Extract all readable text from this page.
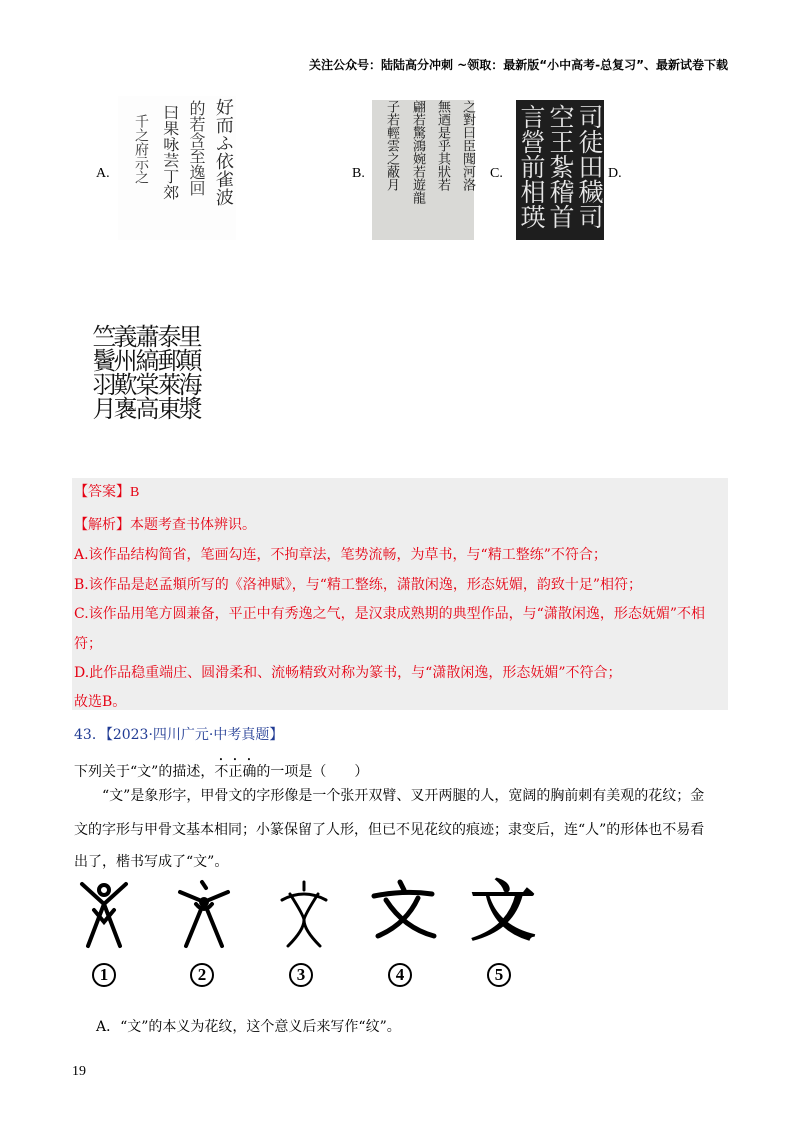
关注公众号：陆陆高分冲刺 ~领取：最新版“小中高考-总复习”、最新试卷下载
A.	好而ふ依雀波
的若含至逸回
曰果咏芸丁郊
千之府示之	B.	之對曰臣聞河洛
無迺是乎其狀若
翩若驚鴻婉若遊龍
子若輕雲之蔽月	C.	司徒田穢司
空王紮稽首
言營前相瑛	D.
里顛海漿
泰郵萊東
蕭縞棠高
義州歎褢
竺鬢羽月
【答案】B
【解析】本题考查书体辨识。
A.该作品结构简省，笔画勾连，不拘章法，笔势流畅，为草书，与“精工整练”不符合；
B.该作品是赵孟頫所写的《洛神赋》，与“精工整练，潇散闲逸，形态妩媚，韵致十足”相符；
C.该作品用笔方圆兼备，平正中有秀逸之气，是汉隶成熟期的典型作品，与“潇散闲逸，形态妩媚”不相
符；
D.此作品稳重端庄、圆滑柔和、流畅精致对称为篆书，与“潇散闲逸，形态妩媚”不符合；
故选B。
43．【2023·四川广元·中考真题】
下列关于“文”的描述，不正确的一项是（　　）
“文”是象形字，甲骨文的字形像是一个张开双臂、叉开两腿的人，宽阔的胸前刺有美观的花纹；金
文的字形与甲骨文基本相同；小篆保留了人形，但已不见花纹的痕迹；隶变后，连“人”的形体也不易看
出了，楷书写成了“文”。
文
1	2	3	4	5
A．“文”的本义为花纹，这个意义后来写作“纹”。
19
